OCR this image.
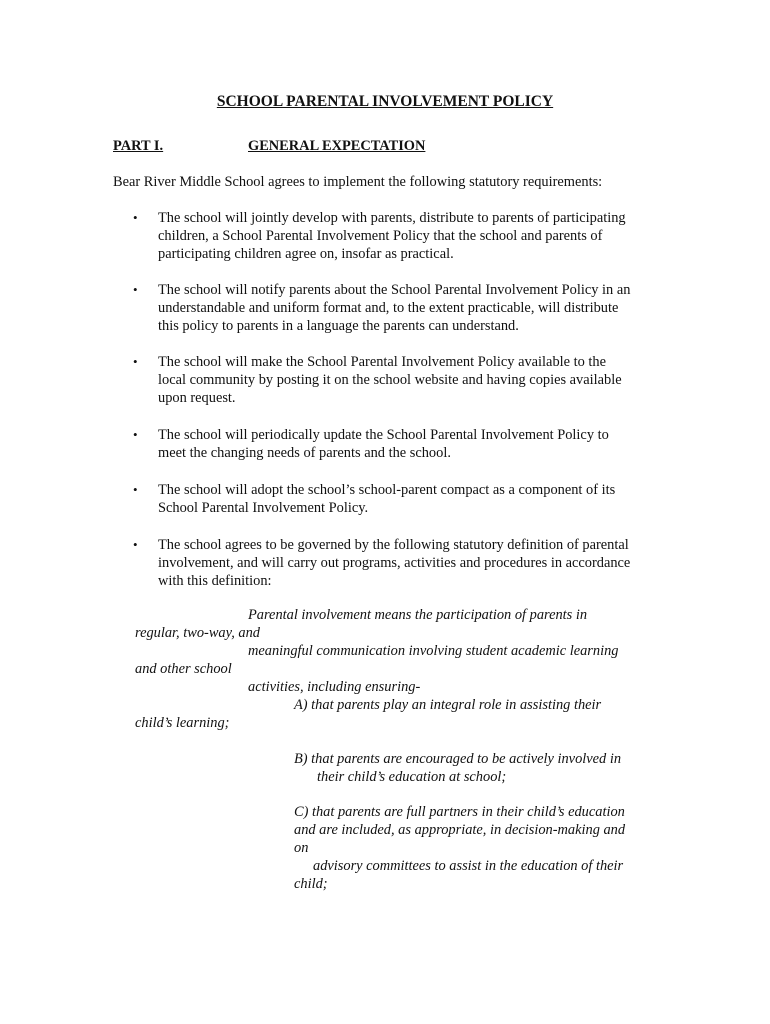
SCHOOL PARENTAL INVOLVEMENT POLICY
PART I.	GENERAL EXPECTATION
Bear River Middle School agrees to implement the following statutory requirements:
• The school will jointly develop with parents, distribute to parents of participating
children, a School Parental Involvement Policy that the school and parents of
participating children agree on, insofar as practical.
• The school will notify parents about the School Parental Involvement Policy in an
understandable and uniform format and, to the extent practicable, will distribute
this policy to parents in a language the parents can understand.
• The school will make the School Parental Involvement Policy available to the
local community by posting it on the school website and having copies available
upon request.
• The school will periodically update the School Parental Involvement Policy to
meet the changing needs of parents and the school.
• The school will adopt the school’s school-parent compact as a component of its
School Parental Involvement Policy.
• The school agrees to be governed by the following statutory definition of parental
involvement, and will carry out programs, activities and procedures in accordance
with this definition:
Parental involvement means the participation of parents in
regular, two-way, and
meaningful communication involving student academic learning
and other school
activities, including ensuring-
A) that parents play an integral role in assisting their
child’s learning;
B) that parents are encouraged to be actively involved in
their child’s education at school;
C) that parents are full partners in their child’s education
and are included, as appropriate, in decision-making and
on
advisory committees to assist in the education of their
child;
